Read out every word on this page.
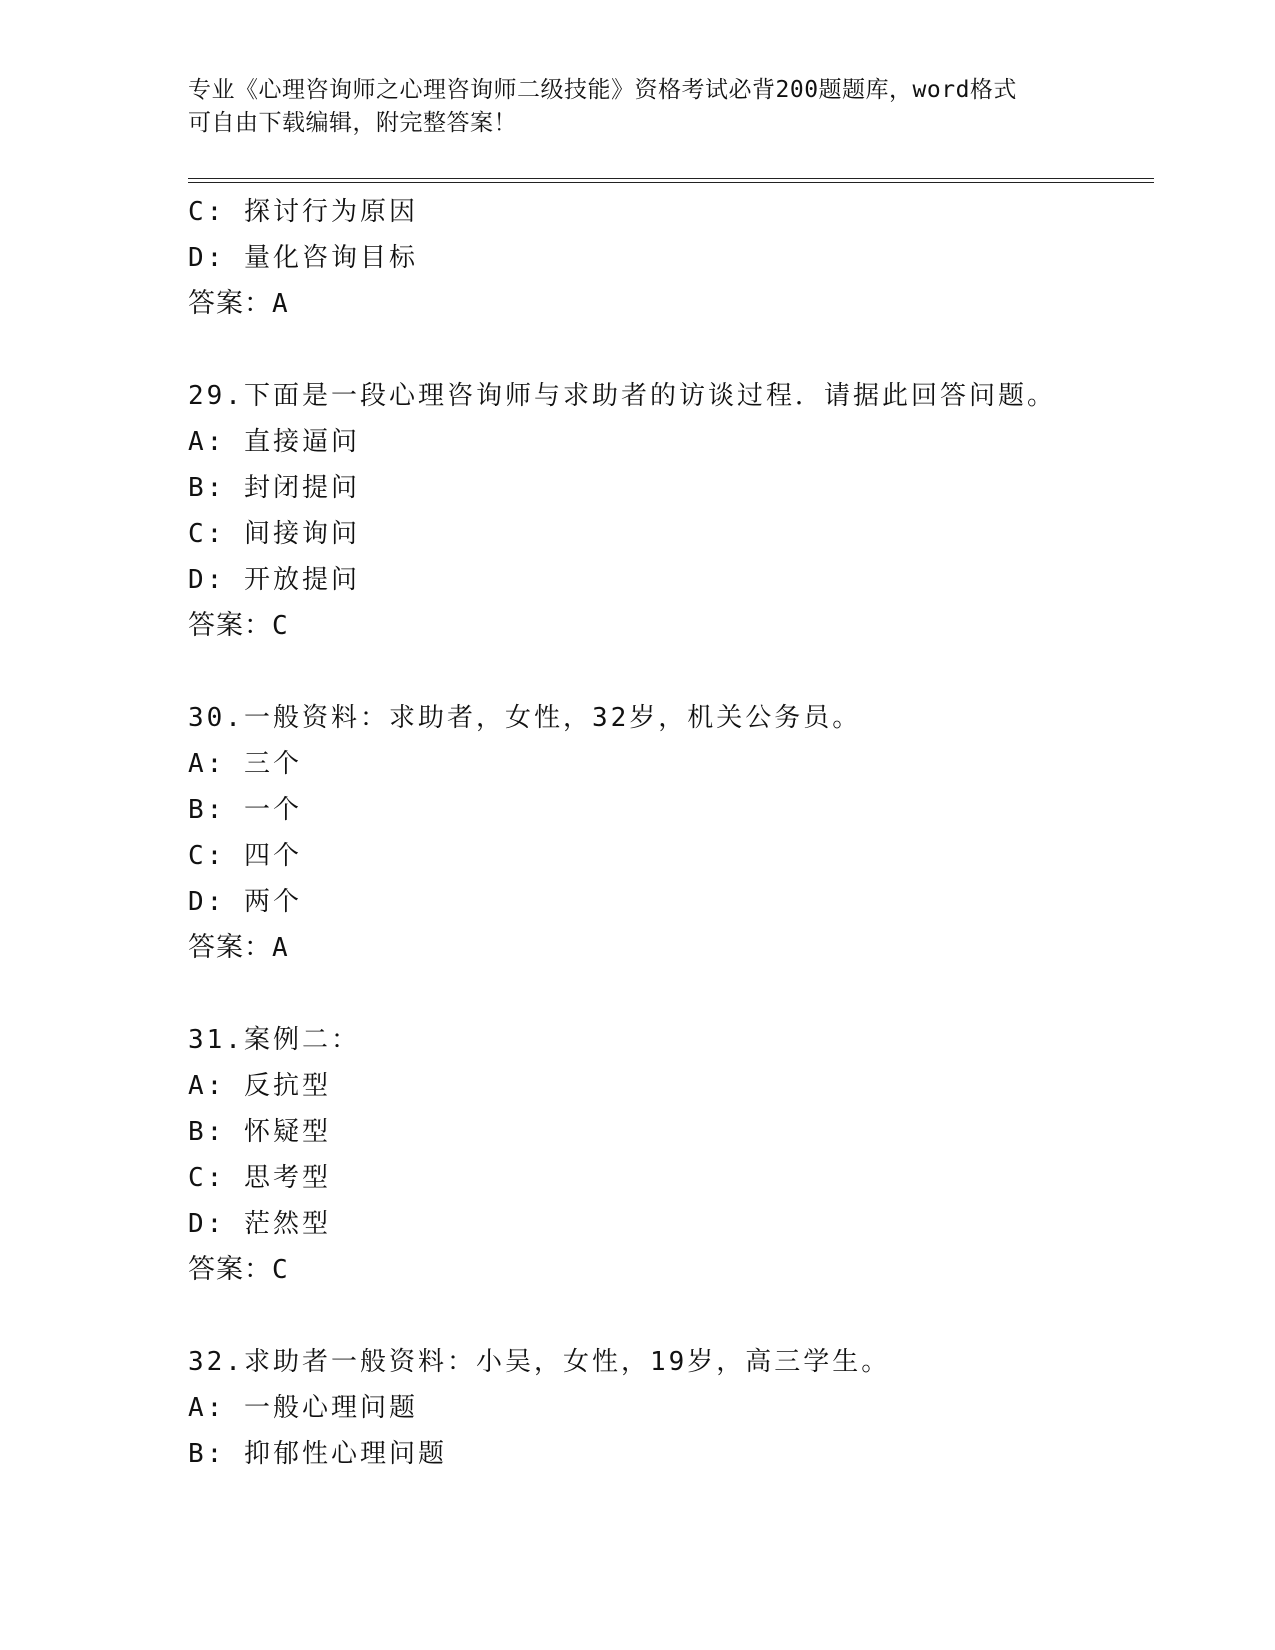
专业《心理咨询师之心理咨询师二级技能》资格考试必背200题题库，word格式
可自由下载编辑，附完整答案！
C: 探讨行为原因
D: 量化咨询目标
答案：A
29.下面是一段心理咨询师与求助者的访谈过程．请据此回答问题。
A: 直接逼问
B: 封闭提问
C: 间接询问
D: 开放提问
答案：C
30.一般资料：求助者，女性，32岁，机关公务员。
A: 三个
B: 一个
C: 四个
D: 两个
答案：A
31.案例二：
A: 反抗型
B: 怀疑型
C: 思考型
D: 茫然型
答案：C
32.求助者一般资料：小吴，女性，19岁，高三学生。
A: 一般心理问题
B: 抑郁性心理问题
